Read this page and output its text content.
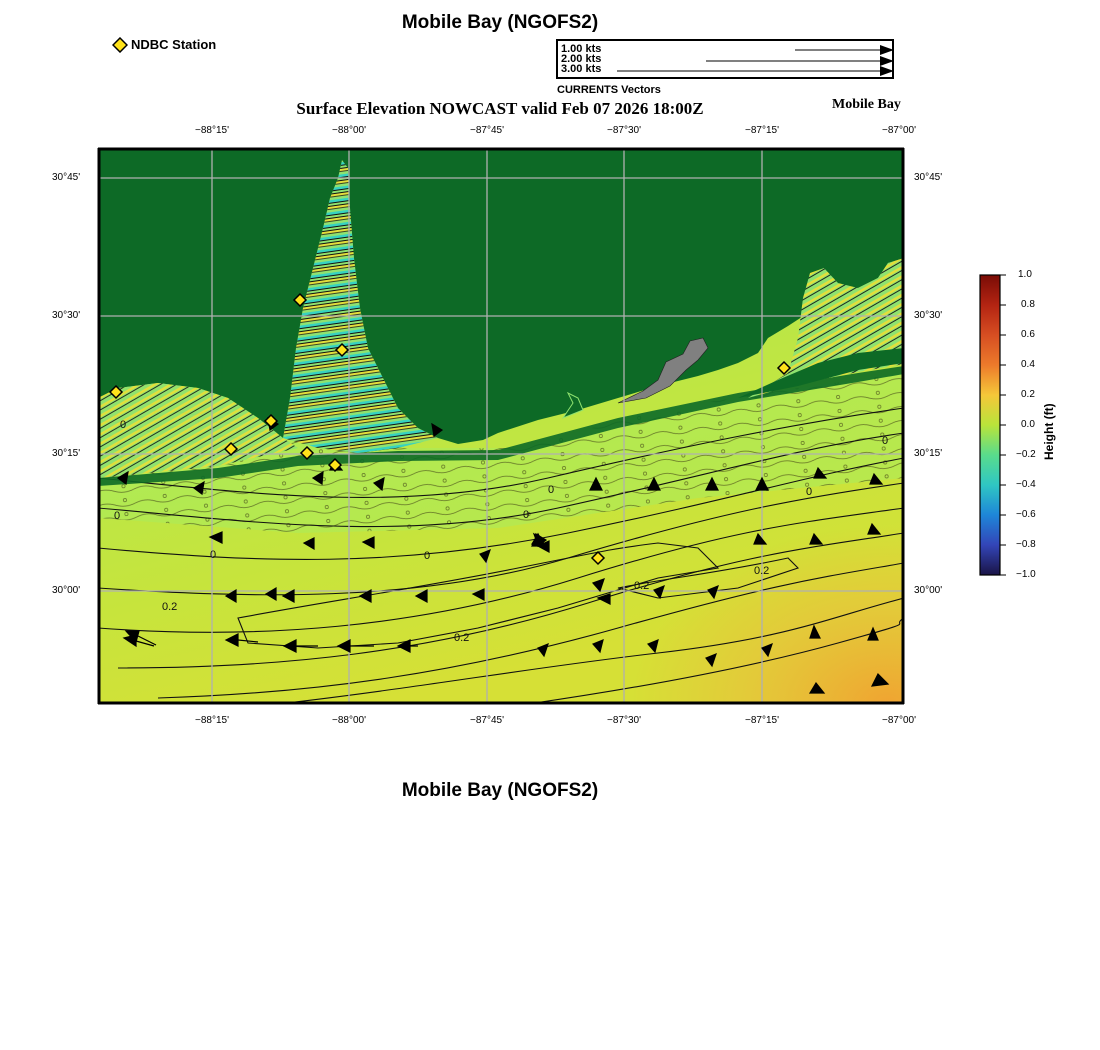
Mobile Bay (NGOFS2)
NDBC Station	1.00 kts
2.00 kts
3.00 kts
CURRENTS Vectors
Surface Elevation NOWCAST valid Feb 07 2026 18:00Z	Mobile Bay
−88°15'	−88°00'	−87°45'	−87°30'	−87°15'	−87°00'
−88°15'	−88°00'	−87°45'	−87°30'	−87°15'	−87°00'
30°45'
30°30'
30°15'
30°00'
30°45'
30°30'
30°15'
30°00'
0
0
0	0
0
0	0
0.2
0.2
0.2
0.2
0
1.0
0.8
0.6
0.4
0.2
0.0
−0.2
−0.4
−0.6
−0.8
−1.0
Height (ft)
Mobile Bay (NGOFS2)
